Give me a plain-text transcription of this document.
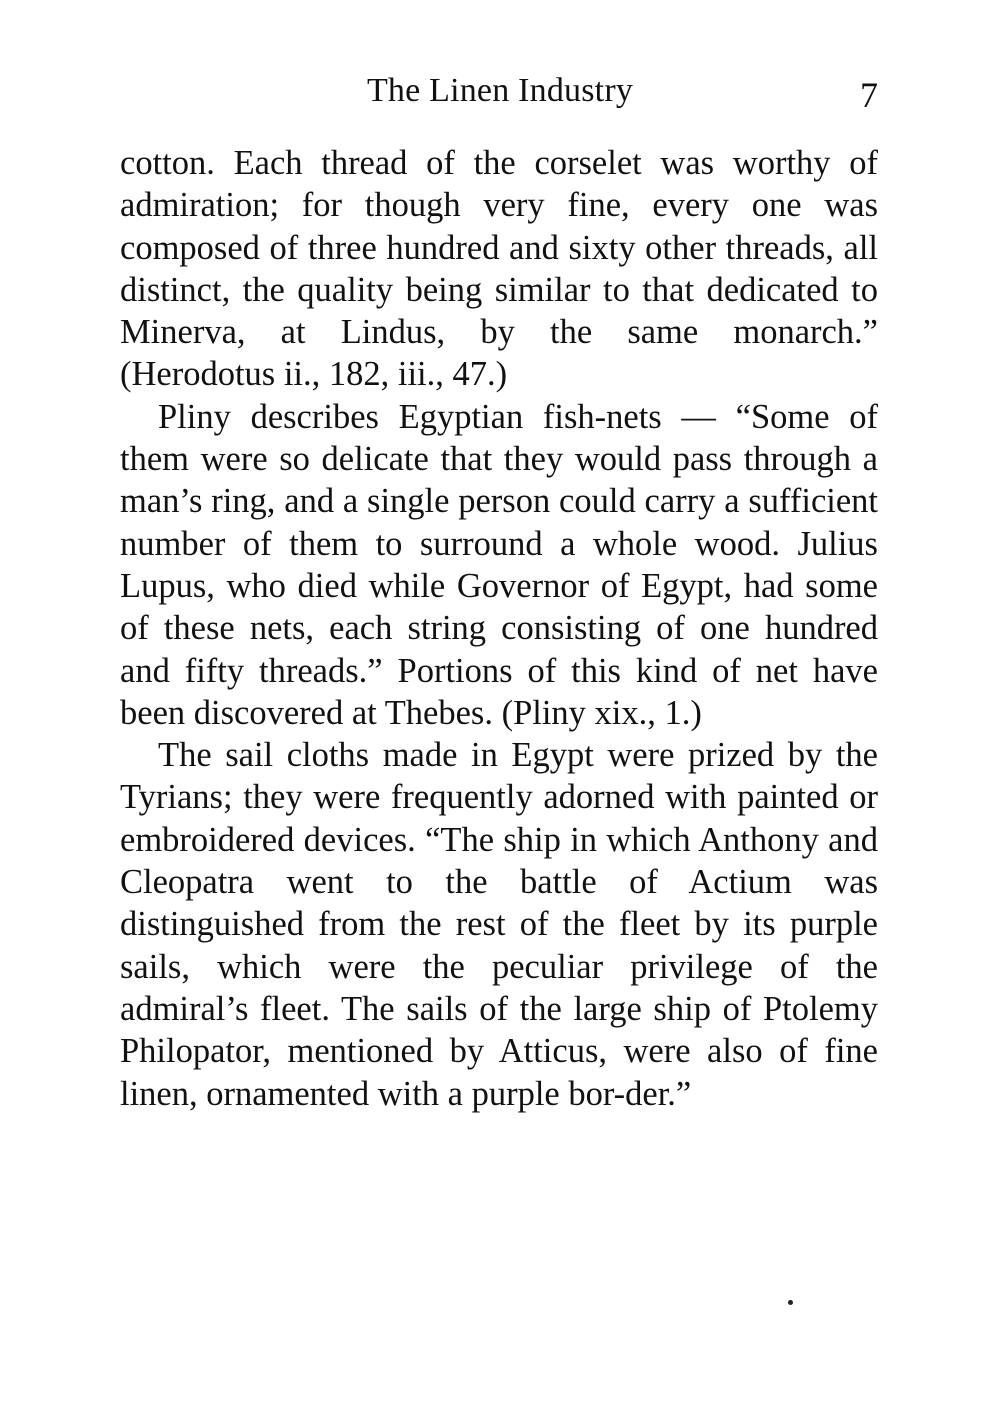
The Linen Industry	7

cotton. Each thread of the corselet was worthy of admiration; for though very fine, every one was composed of three hundred and sixty other threads, all distinct, the quality being similar to that dedicated to Minerva, at Lindus, by the same monarch.” (Herodotus ii., 182, iii., 47.)

Pliny describes Egyptian fish-nets — “Some of them were so delicate that they would pass through a man’s ring, and a single person could carry a sufficient number of them to surround a whole wood. Julius Lupus, who died while Governor of Egypt, had some of these nets, each string consisting of one hundred and fifty threads.” Portions of this kind of net have been discovered at Thebes. (Pliny xix., 1.)

The sail cloths made in Egypt were prized by the Tyrians; they were frequently adorned with painted or embroidered devices. “The ship in which Anthony and Cleopatra went to the battle of Actium was distinguished from the rest of the fleet by its purple sails, which were the peculiar privilege of the admiral’s fleet. The sails of the large ship of Ptolemy Philopator, mentioned by Atticus, were also of fine linen, ornamented with a purple bor-der.”
